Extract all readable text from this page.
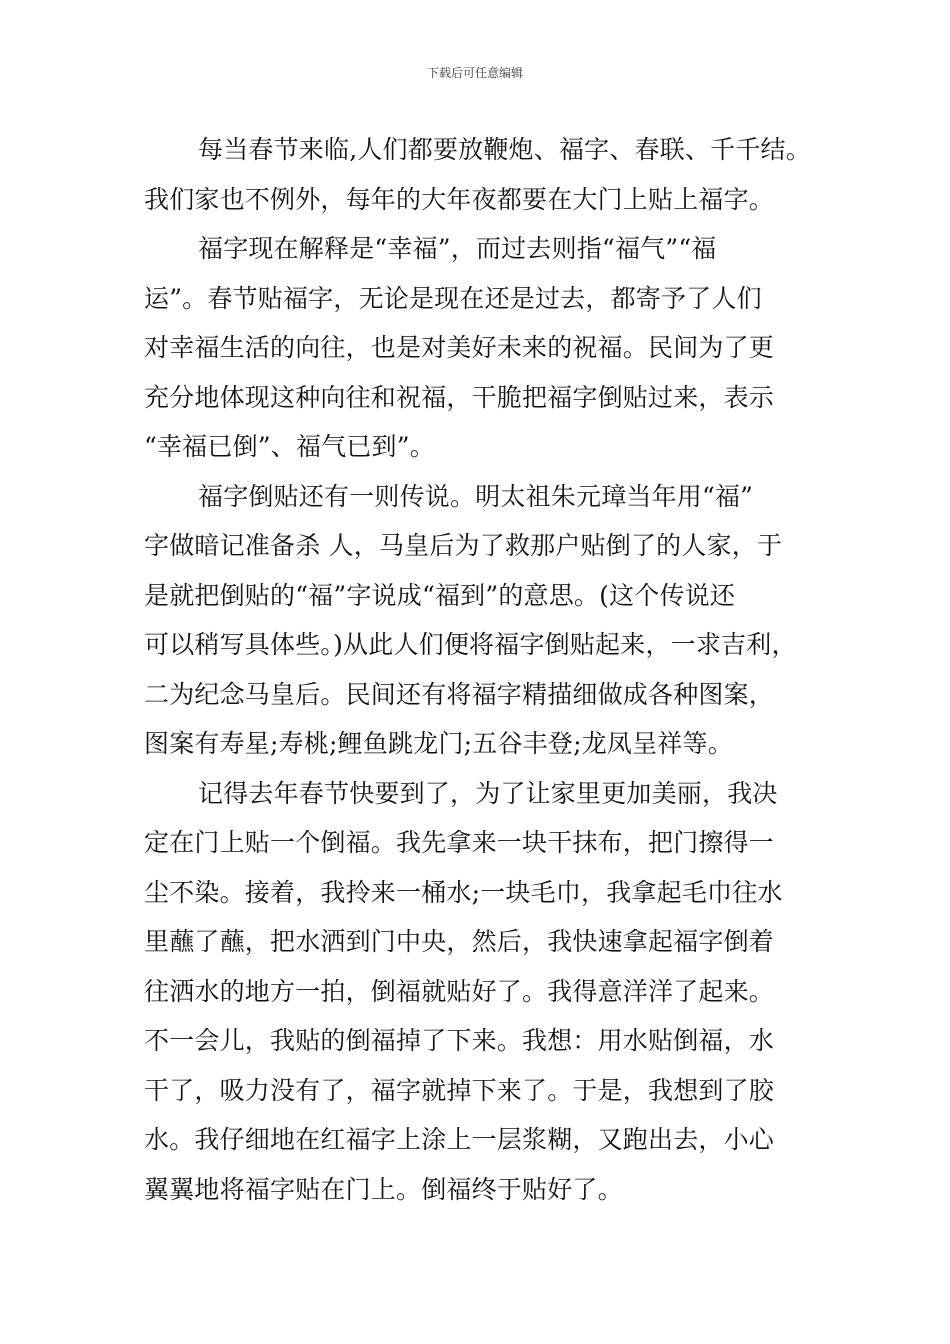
下载后可任意编辑
每当春节来临,人们都要放鞭炮、福字、春联、千千结。
我们家也不例外，每年的大年夜都要在大门上贴上福字。
福字现在解释是“幸福”，而过去则指“福气”“福
运”。春节贴福字，无论是现在还是过去，都寄予了人们
对幸福生活的向往，也是对美好未来的祝福。民间为了更
充分地体现这种向往和祝福，干脆把福字倒贴过来，表示
“幸福已倒”、福气已到”。
福字倒贴还有一则传说。明太祖朱元璋当年用“福”
字做暗记准备杀 人，马皇后为了救那户贴倒了的人家，于
是就把倒贴的“福”字说成“福到”的意思。(这个传说还
可以稍写具体些。)从此人们便将福字倒贴起来，一求吉利，
二为纪念马皇后。民间还有将福字精描细做成各种图案，
图案有寿星;寿桃;鲤鱼跳龙门;五谷丰登;龙凤呈祥等。
记得去年春节快要到了，为了让家里更加美丽，我决
定在门上贴一个倒福。我先拿来一块干抹布，把门擦得一
尘不染。接着，我拎来一桶水;一块毛巾，我拿起毛巾往水
里蘸了蘸，把水洒到门中央，然后，我快速拿起福字倒着
往洒水的地方一拍，倒福就贴好了。我得意洋洋了起来。
不一会儿，我贴的倒福掉了下来。我想：用水贴倒福，水
干了，吸力没有了，福字就掉下来了。于是，我想到了胶
水。我仔细地在红福字上涂上一层浆糊，又跑出去，小心
翼翼地将福字贴在门上。倒福终于贴好了。
